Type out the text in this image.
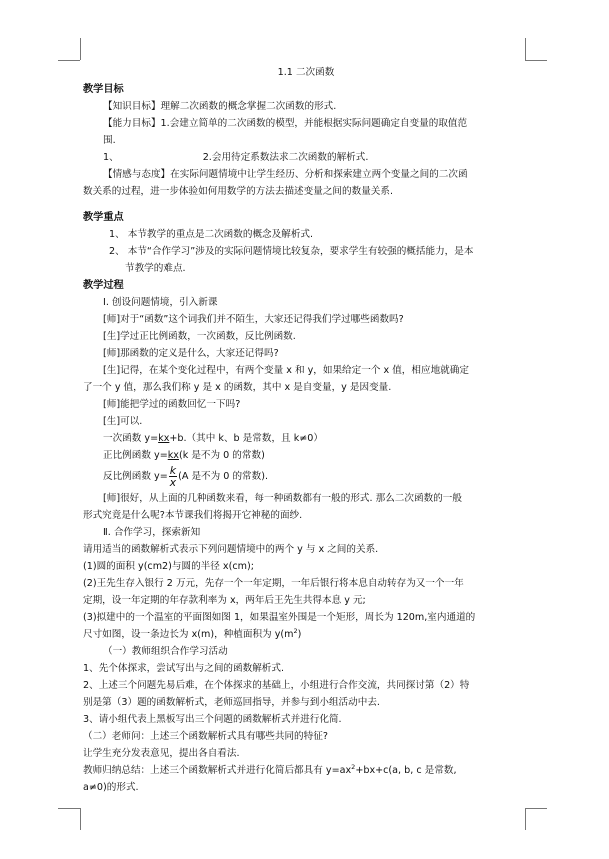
1.1 二次函数
教学目标
【知识目标】理解二次函数的概念掌握二次函数的形式.
【能力目标】1.会建立简单的二次函数的模型，并能根据实际问题确定自变量的取值范
围.
1、	2.会用待定系数法求二次函数的解析式.
【情感与态度】在实际问题情境中让学生经历、分析和探索建立两个变量之间的二次函
数关系的过程，进一步体验如何用数学的方法去描述变量之间的数量关系.
教学重点
1、 本节教学的重点是二次函数的概念及解析式.
2、 本节“合作学习”涉及的实际问题情境比较复杂，要求学生有较强的概括能力，是本
节教学的难点.
教学过程
Ⅰ. 创设问题情境，引入新课
[师]对于“函数”这个词我们并不陌生，大家还记得我们学过哪些函数吗?
[生]学过正比例函数，一次函数，反比例函数.
[师]那函数的定义是什么，大家还记得吗?
[生]记得，在某个变化过程中，有两个变量 x 和 y，如果给定一个 x 值，相应地就确定
了一个 y 值，那么我们称 y 是 x 的函数，其中 x 是自变量，y 是因变量.
[师]能把学过的函数回忆一下吗?
[生]可以.
一次函数 y=kx+b.（其中 k、b 是常数，且 k≠0）
正比例函数 y=kx(k 是不为 0 的常数)
反比例函数 $y= \frac{k}{x} (A$ 是不为 0 的常数).
[师]很好，从上面的几种函数来看，每一种函数都有一般的形式. 那么二次函数的一般
形式究竟是什么呢?本节课我们将揭开它神秘的面纱.
Ⅱ. 合作学习，探索新知
请用适当的函数解析式表示下列问题情境中的两个 y 与 x 之间的关系.
(1)圆的面积 y(cm2)与圆的半径 x(cm);
(2)王先生存入银行 2 万元，先存一个一年定期，一年后银行将本息自动转存为又一个一年
定期，设一年定期的年存款利率为 x，两年后王先生共得本息 y 元;
(3)拟建中的一个温室的平面图如图 1，如果温室外围是一个矩形，周长为 120m,室内通道的
尺寸如图，设一条边长为 x(m)，种植面积为 $y(m^2)$
（一）教师组织合作学习活动
1、先个体探求，尝试写出与之间的函数解析式.
2、上述三个问题先易后难，在个体探求的基础上，小组进行合作交流，共同探讨第（2）特
别是第（3）题的函数解析式，老师巡回指导，并参与到小组活动中去.
3、请小组代表上黑板写出三个问题的函数解析式并进行化简.
（二）老师问：上述三个函数解析式具有哪些共同的特征?
让学生充分发表意见，提出各自看法.
教师归纳总结：上述三个函数解析式并进行化简后都具有 $y=ax^2+bx+c(a$, b, c 是常数,
a≠0)的形式.
